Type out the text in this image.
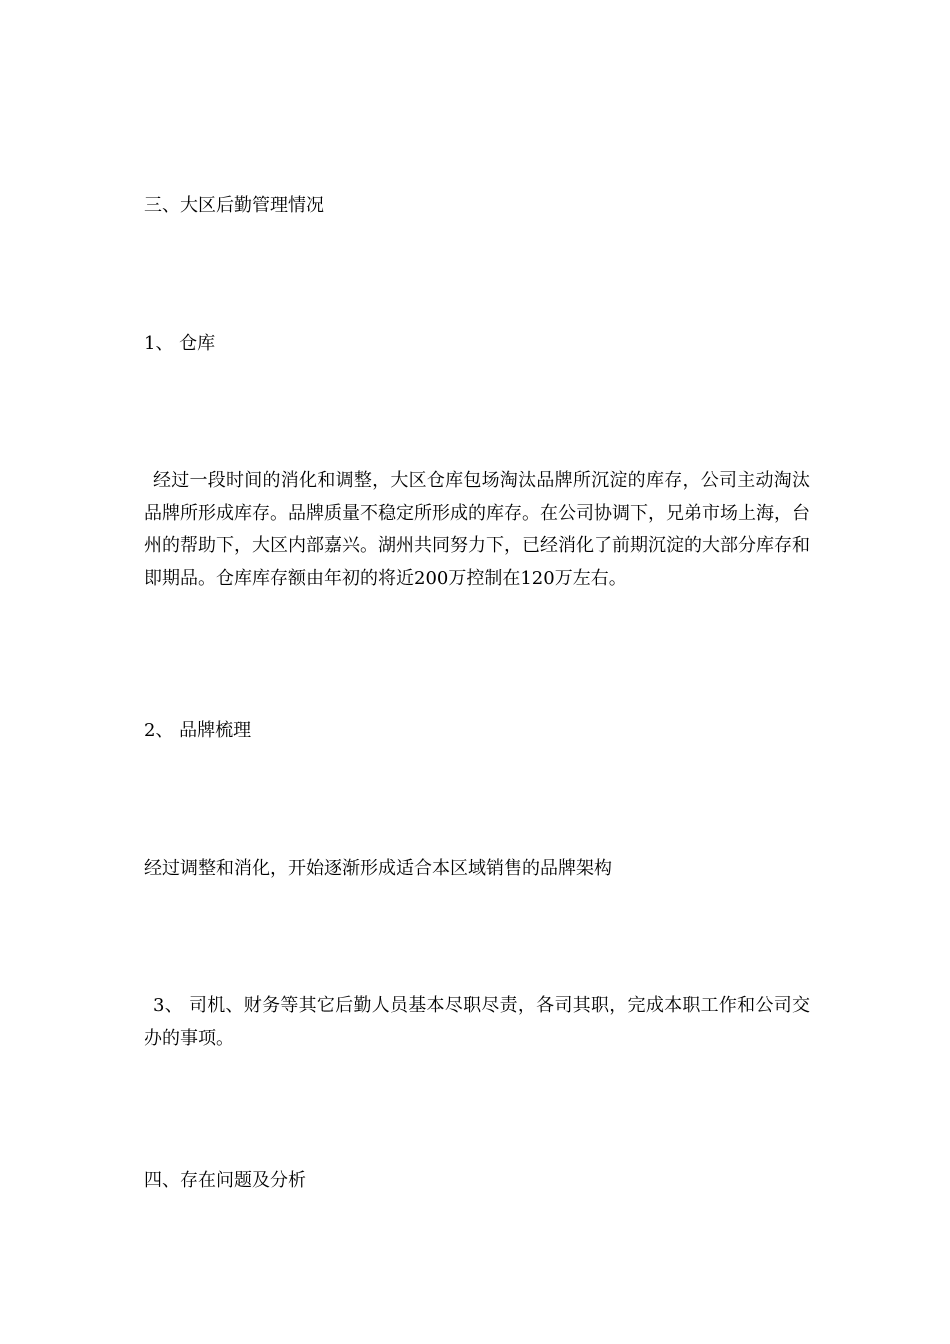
三、大区后勤管理情况
1、 仓库
经过一段时间的消化和调整，大区仓库包场淘汰品牌所沉淀的库存，公司主动淘汰品牌所形成库存。品牌质量不稳定所形成的库存。在公司协调下，兄弟市场上海，台州的帮助下，大区内部嘉兴。湖州共同努力下，已经消化了前期沉淀的大部分库存和即期品。仓库库存额由年初的将近200万控制在120万左右。
2、 品牌梳理
经过调整和消化，开始逐渐形成适合本区域销售的品牌架构
3、 司机、财务等其它后勤人员基本尽职尽责，各司其职，完成本职工作和公司交办的事项。
四、存在问题及分析
